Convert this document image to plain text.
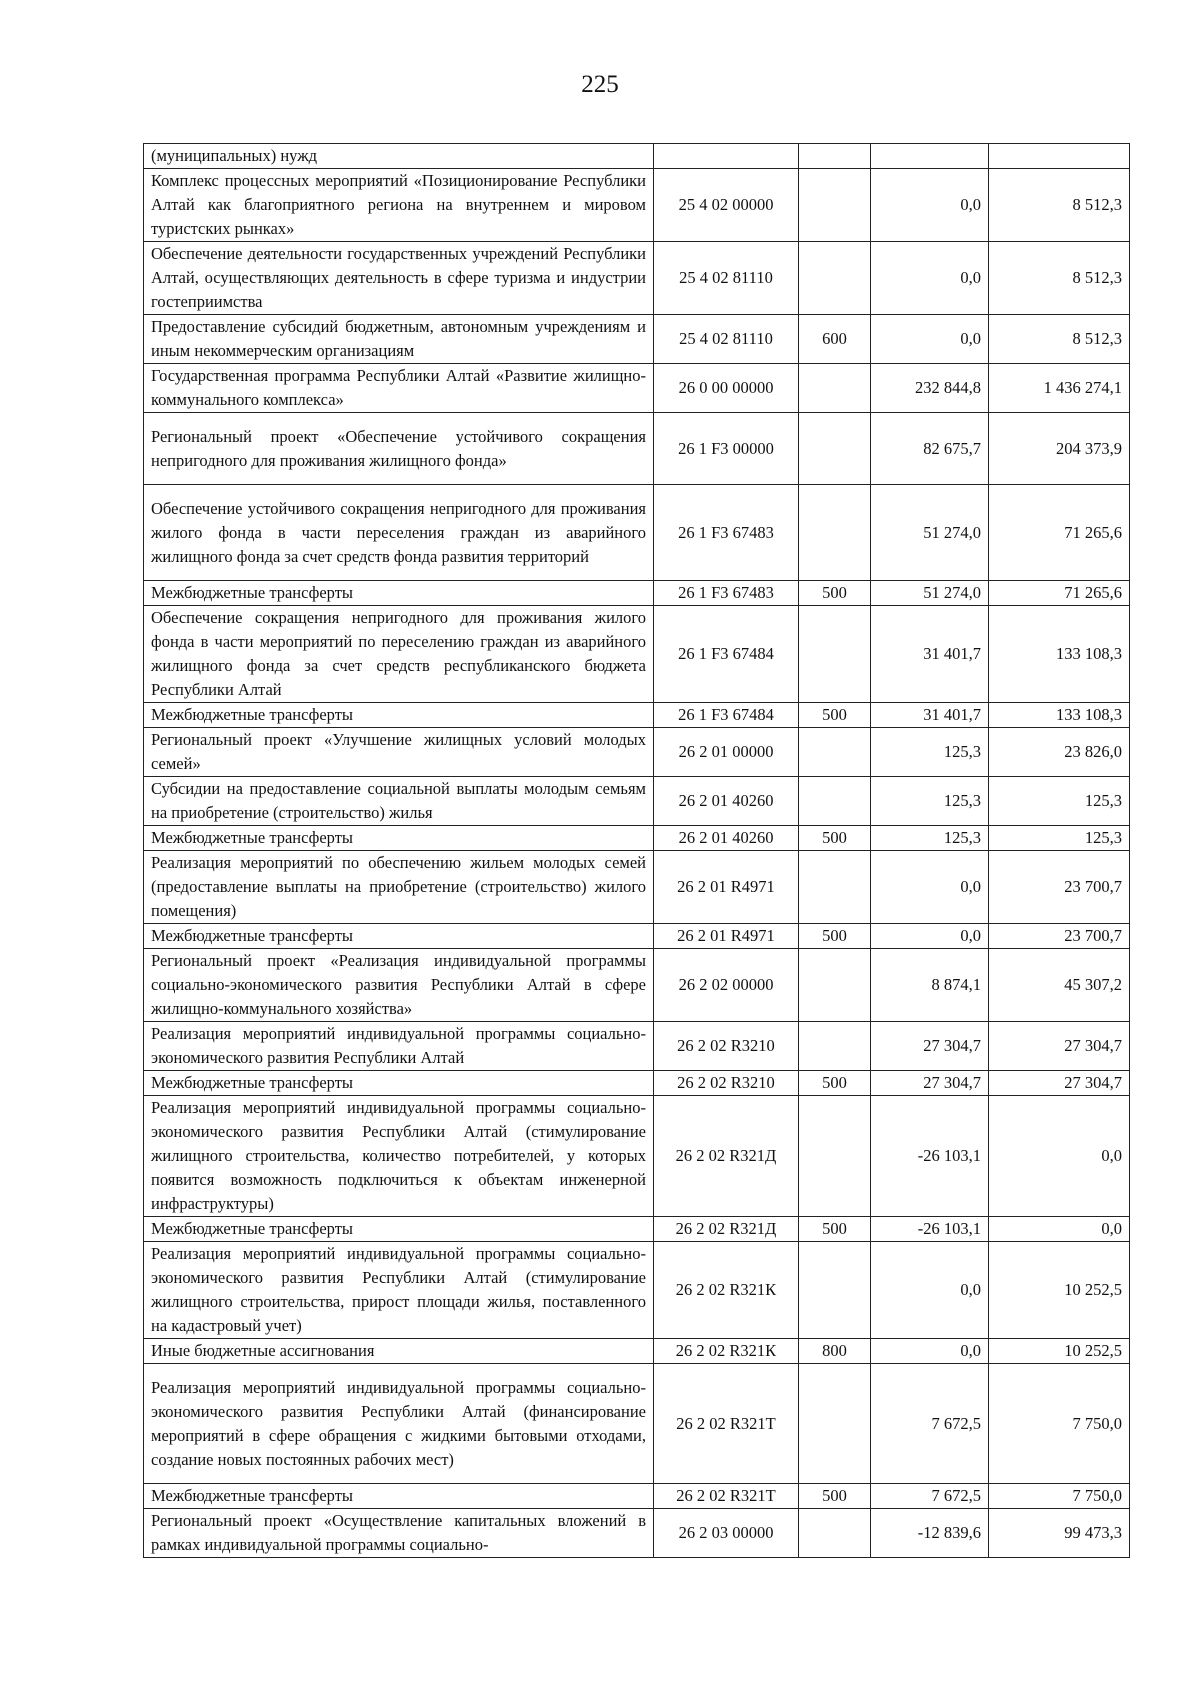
225
(муниципальных) нужд				
Комплекс процессных мероприятий «Позиционирование Республики Алтай как благоприятного региона на внутреннем и мировом туристских рынках»	25 4 02 00000		0,0	8 512,3
Обеспечение деятельности государственных учреждений Республики Алтай, осуществляющих деятельность в сфере туризма и индустрии гостеприимства	25 4 02 81110		0,0	8 512,3
Предоставление субсидий бюджетным, автономным учреждениям и иным некоммерческим организациям	25 4 02 81110	600	0,0	8 512,3
Государственная программа Республики Алтай «Развитие жилищно-коммунального комплекса»	26 0 00 00000		232 844,8	1 436 274,1
Региональный проект «Обеспечение устойчивого сокращения непригодного для проживания жилищного фонда»	26 1 F3 00000		82 675,7	204 373,9
Обеспечение устойчивого сокращения непригодного для проживания жилого фонда в части переселения граждан из аварийного жилищного фонда за счет средств фонда развития территорий	26 1 F3 67483		51 274,0	71 265,6
Межбюджетные трансферты	26 1 F3 67483	500	51 274,0	71 265,6
Обеспечение сокращения непригодного для проживания жилого фонда в части мероприятий по переселению граждан из аварийного жилищного фонда за счет средств республиканского бюджета Республики Алтай	26 1 F3 67484		31 401,7	133 108,3
Межбюджетные трансферты	26 1 F3 67484	500	31 401,7	133 108,3
Региональный проект «Улучшение жилищных условий молодых семей»	26 2 01 00000		125,3	23 826,0
Субсидии на предоставление социальной выплаты молодым семьям на приобретение (строительство) жилья	26 2 01 40260		125,3	125,3
Межбюджетные трансферты	26 2 01 40260	500	125,3	125,3
Реализация мероприятий по обеспечению жильем молодых семей (предоставление выплаты на приобретение (строительство) жилого помещения)	26 2 01 R4971		0,0	23 700,7
Межбюджетные трансферты	26 2 01 R4971	500	0,0	23 700,7
Региональный проект «Реализация индивидуальной программы социально-экономического развития Республики Алтай в сфере жилищно-коммунального хозяйства»	26 2 02 00000		8 874,1	45 307,2
Реализация мероприятий индивидуальной программы социально-экономического развития Республики Алтай	26 2 02 R3210		27 304,7	27 304,7
Межбюджетные трансферты	26 2 02 R3210	500	27 304,7	27 304,7
Реализация мероприятий индивидуальной программы социально-экономического развития Республики Алтай (стимулирование жилищного строительства, количество потребителей, у которых появится возможность подключиться к объектам инженерной инфраструктуры)	26 2 02 R321Д		-26 103,1	0,0
Межбюджетные трансферты	26 2 02 R321Д	500	-26 103,1	0,0
Реализация мероприятий индивидуальной программы социально-экономического развития Республики Алтай (стимулирование жилищного строительства, прирост площади жилья, поставленного на кадастровый учет)	26 2 02 R321К		0,0	10 252,5
Иные бюджетные ассигнования	26 2 02 R321К	800	0,0	10 252,5
Реализация мероприятий индивидуальной программы социально-экономического развития Республики Алтай (финансирование мероприятий в сфере обращения с жидкими бытовыми отходами, создание новых постоянных рабочих мест)	26 2 02 R321Т		7 672,5	7 750,0
Межбюджетные трансферты	26 2 02 R321Т	500	7 672,5	7 750,0
Региональный проект «Осуществление капитальных вложений в рамках индивидуальной программы социально-	26 2 03 00000		-12 839,6	99 473,3
